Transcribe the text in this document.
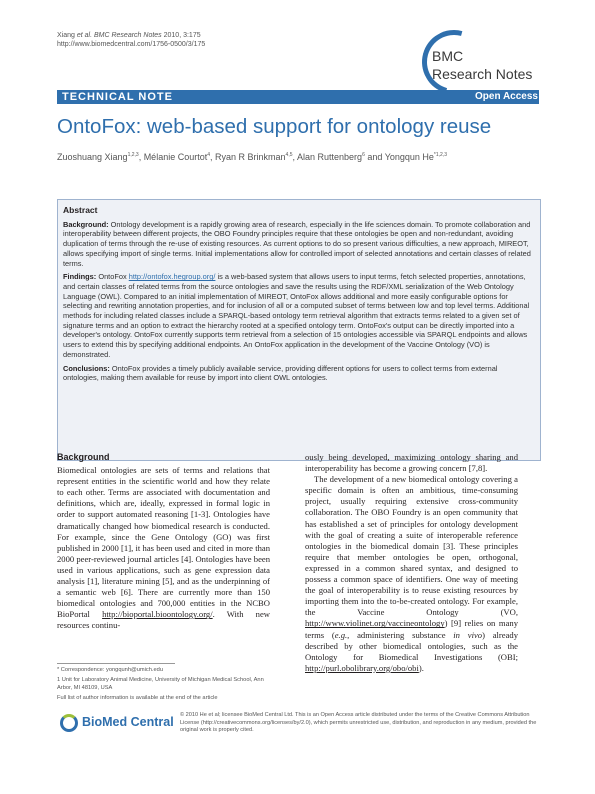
Xiang et al. BMC Research Notes 2010, 3:175
http://www.biomedcentral.com/1756-0500/3/175
BMC
Research Notes
TECHNICAL NOTE	Open Access
OntoFox: web-based support for ontology reuse
Zuoshuang Xiang$^{1,2,3}$, Mélanie Courtot$^4$, Ryan R Brinkman$^{4,5}$, Alan Ruttenberg$^6$ and Yongqun He$^{*1,2,3}$
Abstract

Background: Ontology development is a rapidly growing area of research, especially in the life sciences domain. To promote collaboration and interoperability between different projects, the OBO Foundry principles require that these ontologies be open and non-redundant, avoiding duplication of terms through the re-use of existing resources. As current options to do so present various difficulties, a new approach, MIREOT, allows specifying import of single terms. Initial implementations allow for controlled import of selected annotations and certain classes of related terms.

Findings: OntoFox http://ontofox.hegroup.org/ is a web-based system that allows users to input terms, fetch selected properties, annotations, and certain classes of related terms from the source ontologies and save the results using the RDF/XML serialization of the Web Ontology Language (OWL). Compared to an initial implementation of MIREOT, OntoFox allows additional and more easily configurable options for selecting and rewriting annotation properties, and for inclusion of all or a computed subset of terms between low and top level terms. Additional methods for including related classes include a SPARQL-based ontology term retrieval algorithm that extracts terms related to a given set of signature terms and an option to extract the hierarchy rooted at a specified ontology term. OntoFox's output can be directly imported into a developer's ontology. OntoFox currently supports term retrieval from a selection of 15 ontologies accessible via SPARQL endpoints and allows users to extend this by specifying additional endpoints. An OntoFox application in the development of the Vaccine Ontology (VO) is demonstrated.

Conclusions: OntoFox provides a timely publicly available service, providing different options for users to collect terms from external ontologies, making them available for reuse by import into client OWL ontologies.

Background

Biomedical ontologies are sets of terms and relations that represent entities in the scientific world and how they relate to each other. Terms are associated with documentation and definitions, which are, ideally, expressed in formal logic in order to support automated reasoning [1-3]. Ontologies have dramatically changed how biomedical research is conducted. For example, since the Gene Ontology (GO) was first published in 2000 [1], it has been used and cited in more than 2000 peer-reviewed journal articles [4]. Ontologies have been used in various applications, such as gene expression data analysis [1], literature mining [5], and as the underpinning of a semantic web [6]. There are currently more than 150 biomedical ontologies and 700,000 entities in the NCBO BioPortal http://bioportal.bioontology.org/. With new resources continu-

ously being developed, maximizing ontology sharing and interoperability has become a growing concern [7,8].

The development of a new biomedical ontology covering a specific domain is often an ambitious, time-consuming project, usually requiring extensive cross-community collaboration. The OBO Foundry is an open community that has established a set of principles for ontology development with the goal of creating a suite of interoperable reference ontologies in the biomedical domain [3]. These principles require that member ontologies be open, orthogonal, expressed in a common shared syntax, and designed to possess a common space of identifiers. One way of meeting the goal of interoperability is to reuse existing resources by importing them into the to-be-created ontology. For example, the Vaccine Ontology (VO, http://www.violinet.org/vaccineontology) [9] relies on many terms (e.g., administering substance in vivo) already described by other biomedical ontologies, such as the Ontology for Biomedical Investigations (OBI; http://purl.obolibrary.org/obo/obi).

* Correspondence: yongqunh@umich.edu

1 Unit for Laboratory Animal Medicine, University of Michigan Medical School, Ann Arbor, MI 48109, USA

Full list of author information is available at the end of the article

BioMed Central © 2010 He et al; licensee BioMed Central Ltd. This is an Open Access article distributed under the terms of the Creative Commons Attribution License (http://creativecommons.org/licenses/by/2.0), which permits unrestricted use, distribution, and reproduction in any medium, provided the original work is properly cited.
